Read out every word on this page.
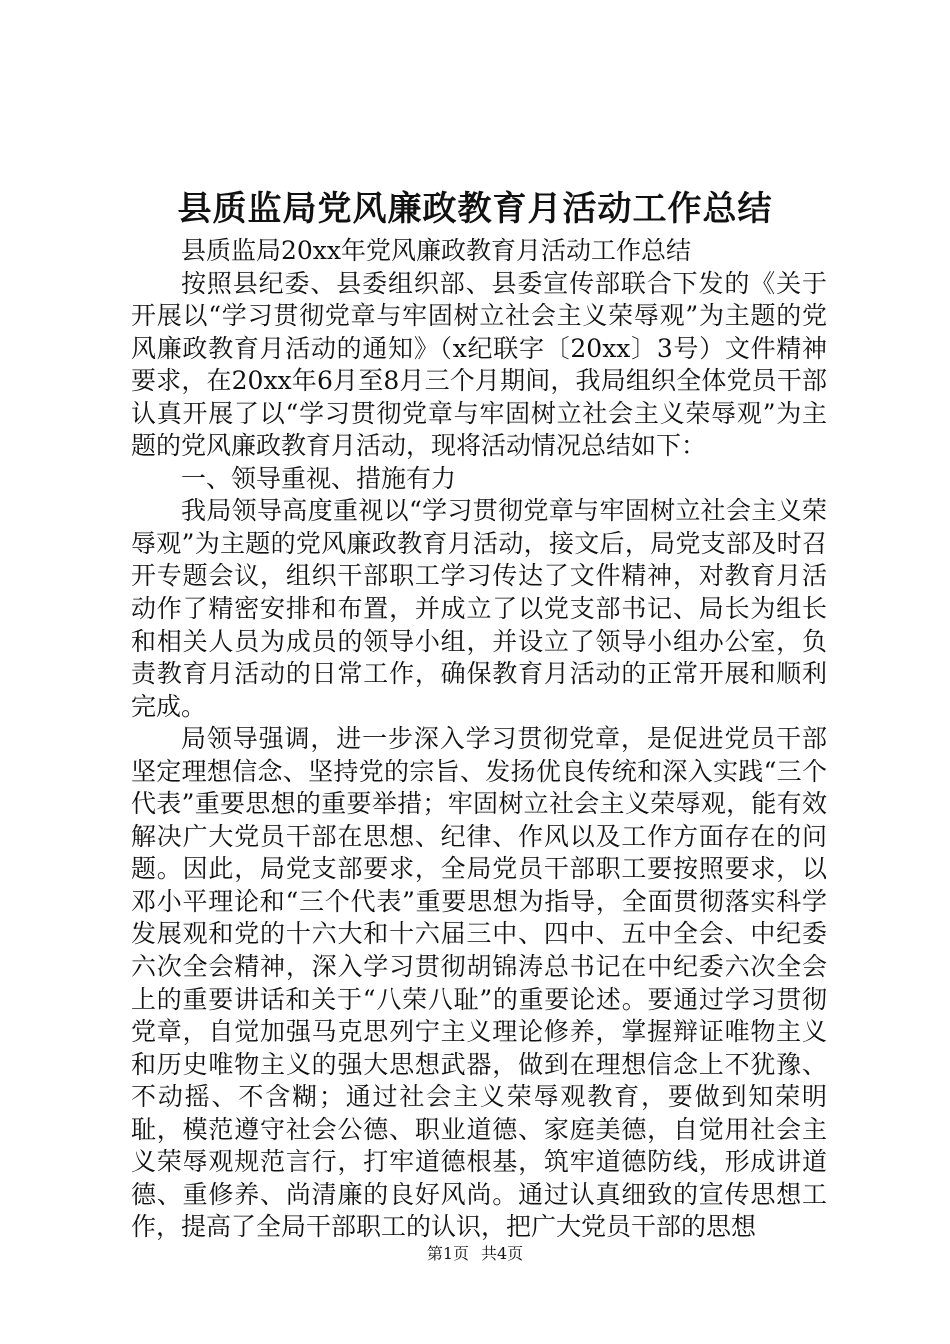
县质监局党风廉政教育月活动工作总结

县质监局20xx年党风廉政教育月活动工作总结

按照县纪委、县委组织部、县委宣传部联合下发的《关于开展以“学习贯彻党章与牢固树立社会主义荣辱观”为主题的党风廉政教育月活动的通知》（x纪联字〔20xx〕3号）文件精神要求，在20xx年6月至8月三个月期间，我局组织全体党员干部认真开展了以“学习贯彻党章与牢固树立社会主义荣辱观”为主题的党风廉政教育月活动，现将活动情况总结如下：

一、领导重视、措施有力

我局领导高度重视以“学习贯彻党章与牢固树立社会主义荣辱观”为主题的党风廉政教育月活动，接文后，局党支部及时召开专题会议，组织干部职工学习传达了文件精神，对教育月活动作了精密安排和布置，并成立了以党支部书记、局长为组长和相关人员为成员的领导小组，并设立了领导小组办公室，负责教育月活动的日常工作，确保教育月活动的正常开展和顺利完成。

局领导强调，进一步深入学习贯彻党章，是促进党员干部坚定理想信念、坚持党的宗旨、发扬优良传统和深入实践“三个代表”重要思想的重要举措；牢固树立社会主义荣辱观，能有效解决广大党员干部在思想、纪律、作风以及工作方面存在的问题。因此，局党支部要求，全局党员干部职工要按照要求，以邓小平理论和“三个代表”重要思想为指导，全面贯彻落实科学发展观和党的十六大和十六届三中、四中、五中全会、中纪委六次全会精神，深入学习贯彻胡锦涛总书记在中纪委六次全会上的重要讲话和关于“八荣八耻”的重要论述。要通过学习贯彻党章，自觉加强马克思列宁主义理论修养，掌握辩证唯物主义和历史唯物主义的强大思想武器，做到在理想信念上不犹豫、不动摇、不含糊；通过社会主义荣辱观教育，要做到知荣明耻，模范遵守社会公德、职业道德、家庭美德，自觉用社会主义荣辱观规范言行，打牢道德根基，筑牢道德防线，形成讲道德、重修养、尚清廉的良好风尚。通过认真细致的宣传思想工作，提高了全局干部职工的认识，把广大党员干部的思想

第1页 共4页
